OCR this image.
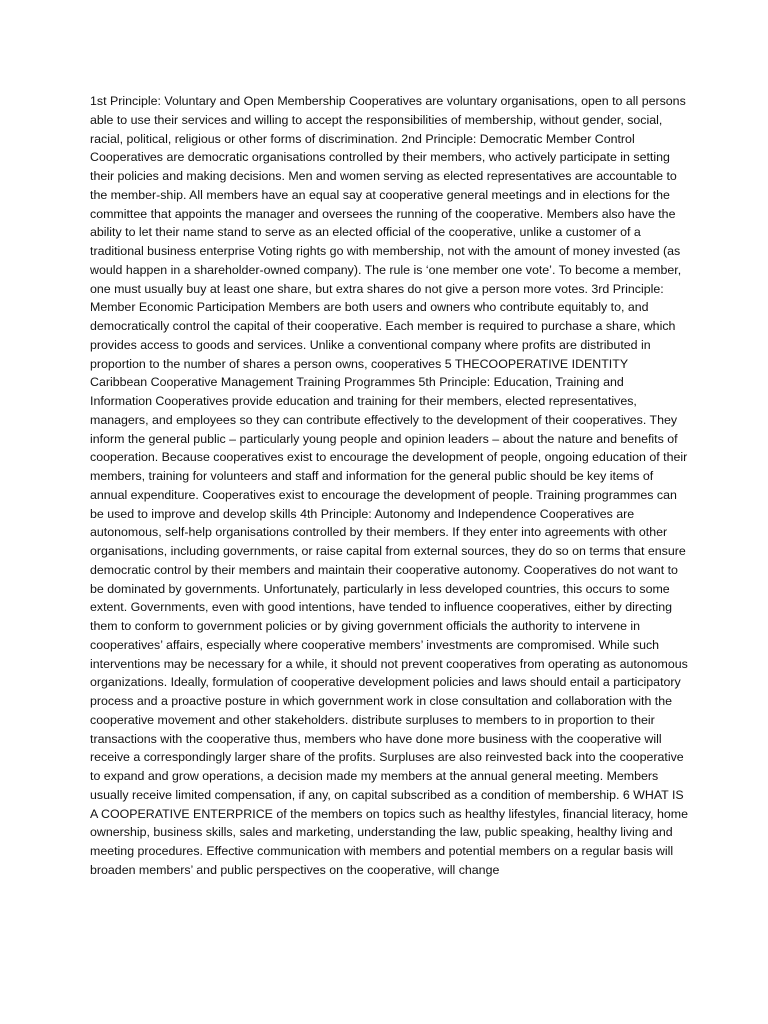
1st Principle: Voluntary and Open Membership Cooperatives are voluntary organisations, open to all persons able to use their services and willing to accept the responsibilities of membership, without gender, social, racial, political, religious or other forms of discrimination. 2nd Principle: Democratic Member Control Cooperatives are democratic organisations controlled by their members, who actively participate in setting their policies and making decisions. Men and women serving as elected representatives are accountable to the member-ship. All members have an equal say at cooperative general meetings and in elections for the committee that appoints the manager and oversees the running of the cooperative. Members also have the ability to let their name stand to serve as an elected official of the cooperative, unlike a customer of a traditional business enterprise Voting rights go with membership, not with the amount of money invested (as would happen in a shareholder-owned company). The rule is ‘one member one vote’. To become a member, one must usually buy at least one share, but extra shares do not give a person more votes. 3rd Principle: Member Economic Participation Members are both users and owners who contribute equitably to, and democratically control the capital of their cooperative. Each member is required to purchase a share, which provides access to goods and services. Unlike a conventional company where profits are distributed in proportion to the number of shares a person owns, cooperatives 5 THECOOPERATIVE IDENTITY Caribbean Cooperative Management Training Programmes 5th Principle: Education, Training and Information Cooperatives provide education and training for their members, elected representatives, managers, and employees so they can contribute effectively to the development of their cooperatives. They inform the general public – particularly young people and opinion leaders – about the nature and benefits of cooperation. Because cooperatives exist to encourage the development of people, ongoing education of their members, training for volunteers and staff and information for the general public should be key items of annual expenditure. Cooperatives exist to encourage the development of people. Training programmes can be used to improve and develop skills 4th Principle: Autonomy and Independence Cooperatives are autonomous, self-help organisations controlled by their members. If they enter into agreements with other organisations, including governments, or raise capital from external sources, they do so on terms that ensure democratic control by their members and maintain their cooperative autonomy. Cooperatives do not want to be dominated by governments. Unfortunately, particularly in less developed countries, this occurs to some extent. Governments, even with good intentions, have tended to influence cooperatives, either by directing them to conform to government policies or by giving government officials the authority to intervene in cooperatives’ affairs, especially where cooperative members’ investments are compromised. While such interventions may be necessary for a while, it should not prevent cooperatives from operating as autonomous organizations. Ideally, formulation of cooperative development policies and laws should entail a participatory process and a proactive posture in which government work in close consultation and collaboration with the cooperative movement and other stakeholders. distribute surpluses to members to in proportion to their transactions with the cooperative thus, members who have done more business with the cooperative will receive a correspondingly larger share of the profits. Surpluses are also reinvested back into the cooperative to expand and grow operations, a decision made my members at the annual general meeting. Members usually receive limited compensation, if any, on capital subscribed as a condition of membership. 6 WHAT IS A COOPERATIVE ENTERPRICE of the members on topics such as healthy lifestyles, financial literacy, home ownership, business skills, sales and marketing, understanding the law, public speaking, healthy living and meeting procedures. Effective communication with members and potential members on a regular basis will broaden members’ and public perspectives on the cooperative, will change
